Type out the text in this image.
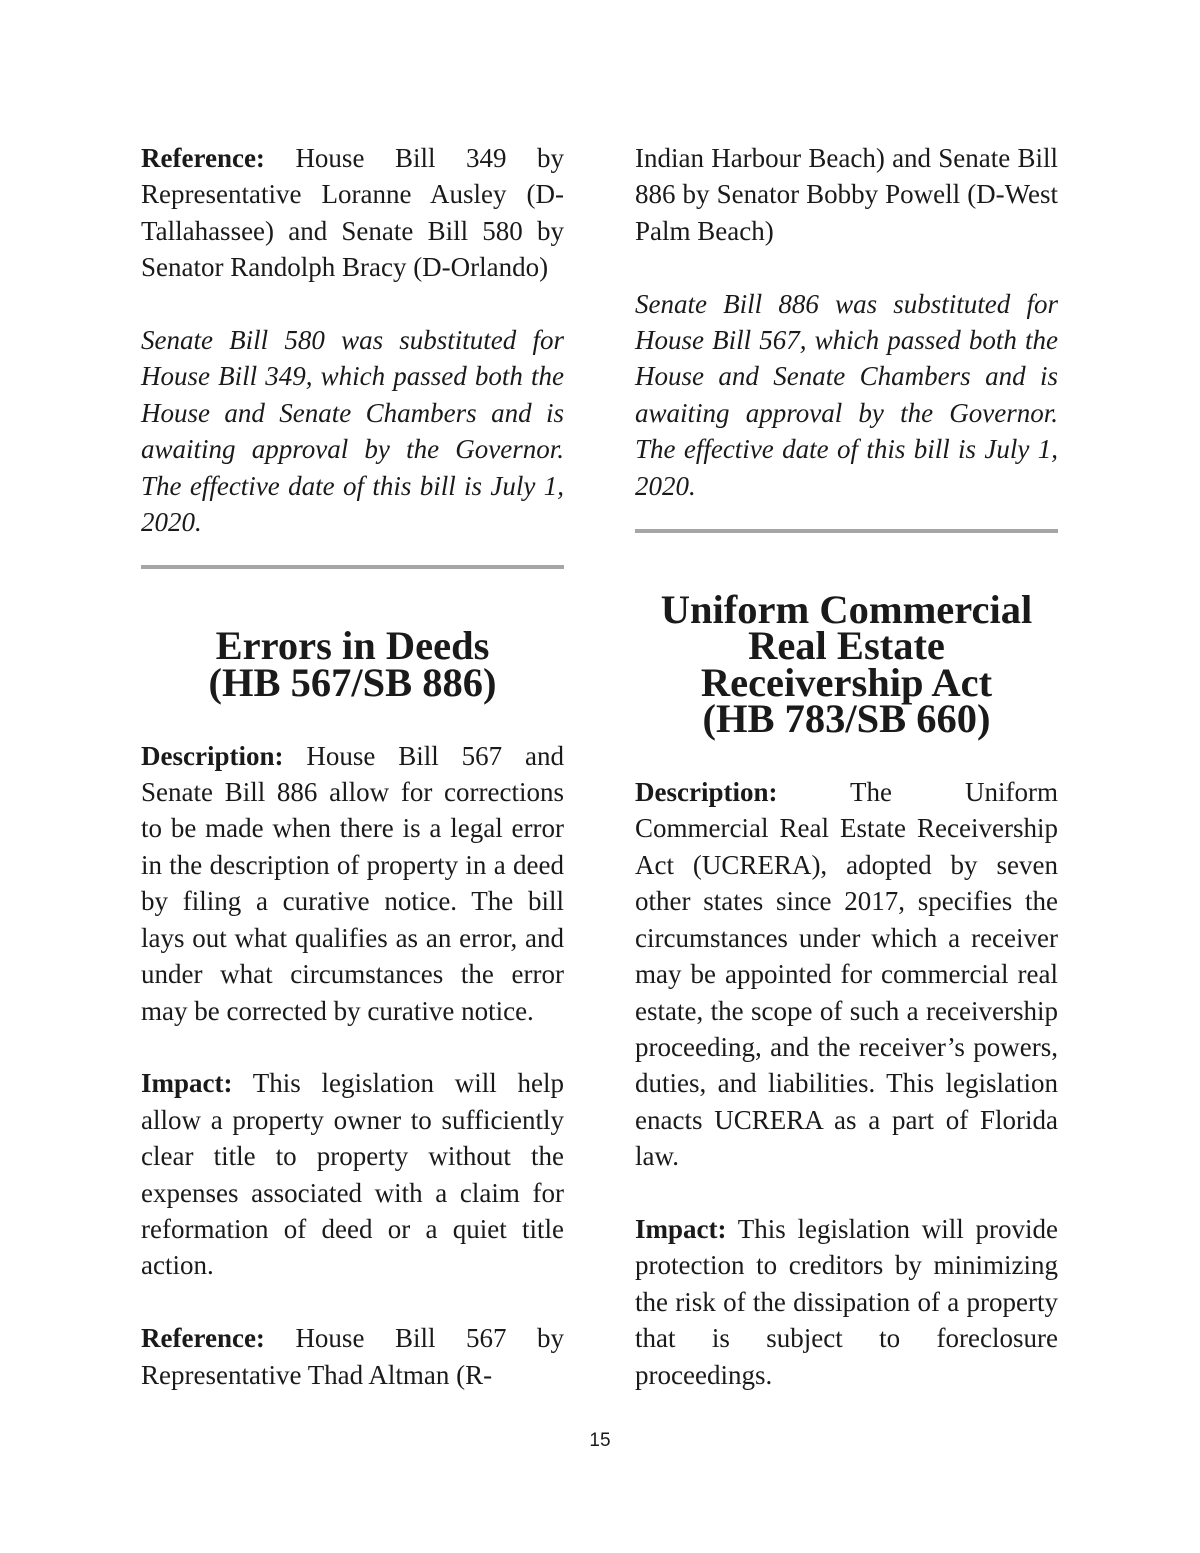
Reference: House Bill 349 by Representative Loranne Ausley (D-Tallahassee) and Senate Bill 580 by Senator Randolph Bracy (D-Orlando)

Senate Bill 580 was substituted for House Bill 349, which passed both the House and Senate Chambers and is awaiting approval by the Governor. The effective date of this bill is July 1, 2020.

Errors in Deeds
(HB 567/SB 886)

Description: House Bill 567 and Senate Bill 886 allow for corrections to be made when there is a legal error in the description of property in a deed by filing a curative notice. The bill lays out what qualifies as an error, and under what circumstances the error may be corrected by curative notice.

Impact: This legislation will help allow a property owner to sufficiently clear title to property without the expenses associated with a claim for reformation of deed or a quiet title action.

Reference: House Bill 567 by Representative Thad Altman (R-

Indian Harbour Beach) and Senate Bill 886 by Senator Bobby Powell (D-West Palm Beach)

Senate Bill 886 was substituted for House Bill 567, which passed both the House and Senate Chambers and is awaiting approval by the Governor. The effective date of this bill is July 1, 2020.

Uniform Commercial Real Estate
Receivership Act
(HB 783/SB 660)

Description: The Uniform Commercial Real Estate Receivership Act (UCRERA), adopted by seven other states since 2017, specifies the circumstances under which a receiver may be appointed for commercial real estate, the scope of such a receivership proceeding, and the receiver’s powers, duties, and liabilities. This legislation enacts UCRERA as a part of Florida law.

Impact: This legislation will provide protection to creditors by minimizing the risk of the dissipation of a property that is subject to foreclosure proceedings.

15
